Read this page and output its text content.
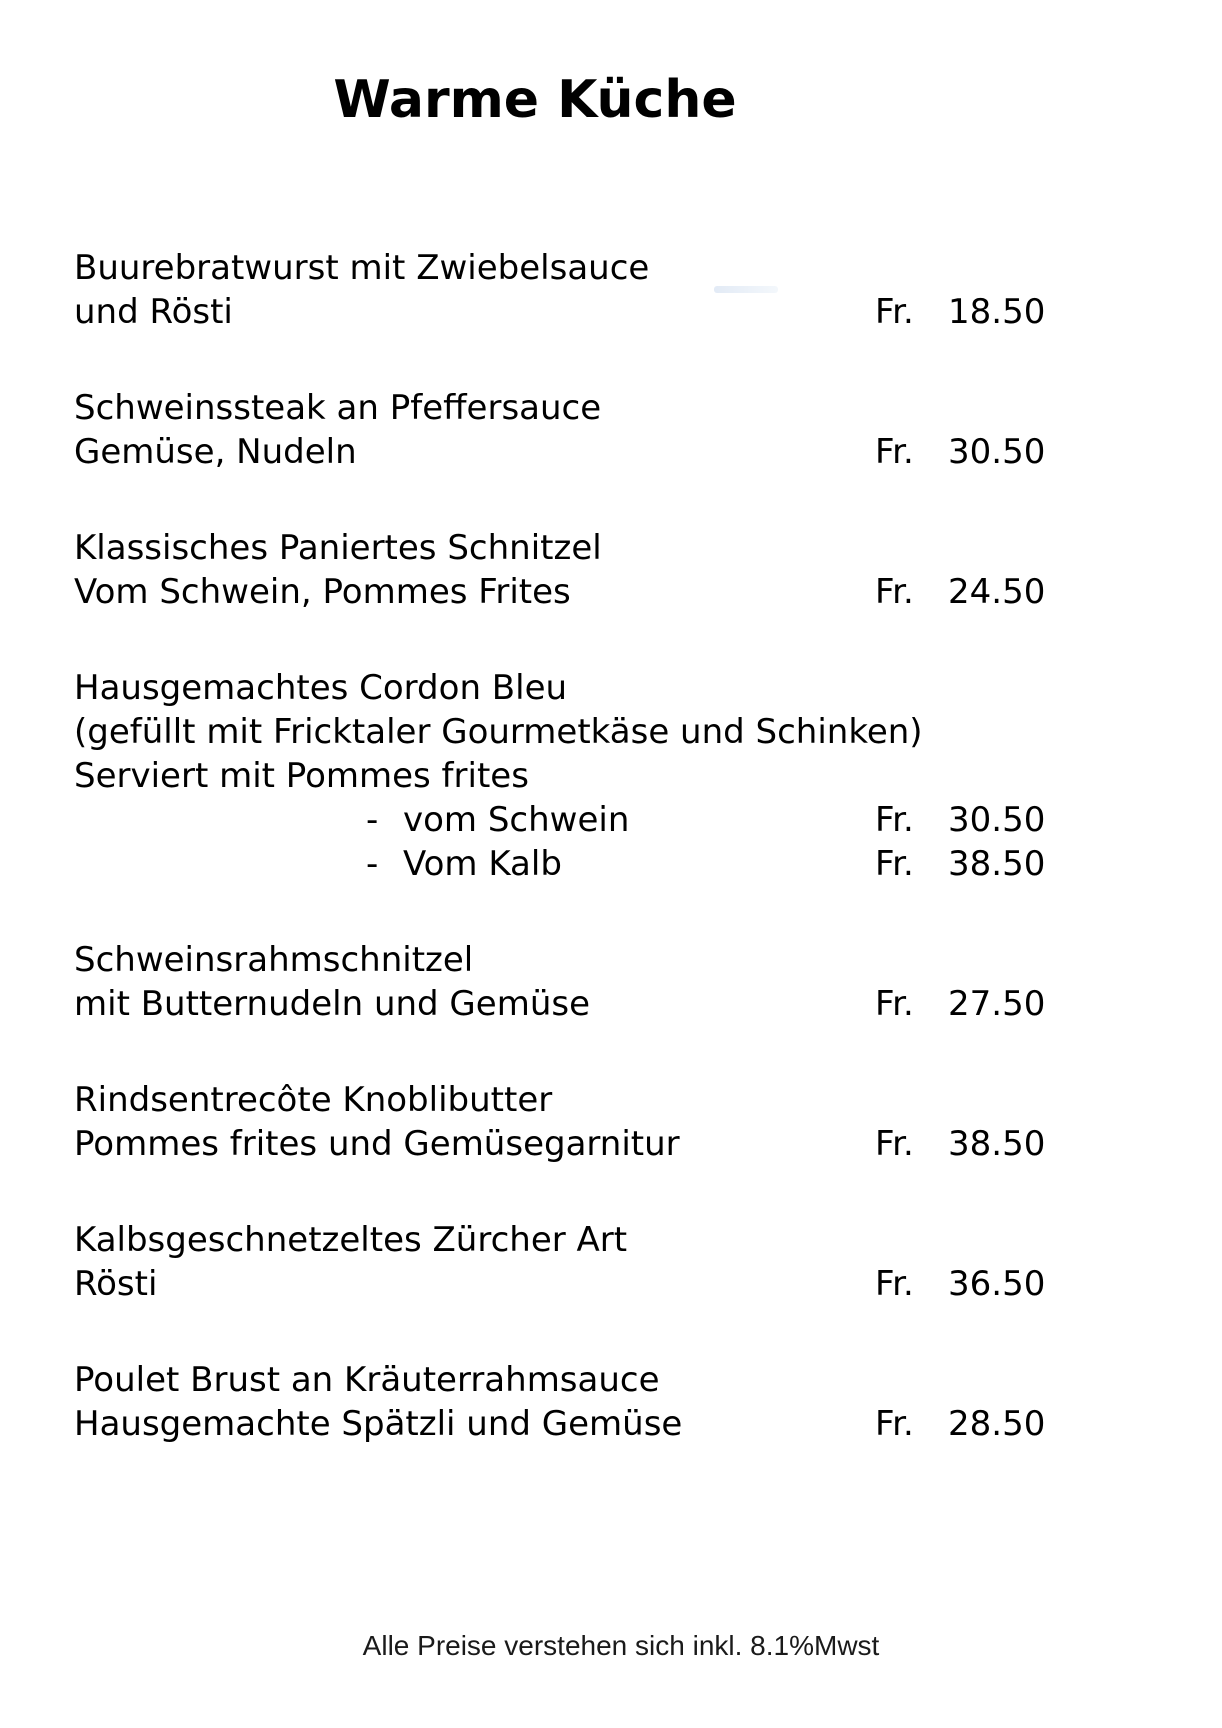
Warme Küche
Buurebratwurst mit Zwiebelsauce
und Rösti	Fr.	18.50
Schweinssteak an Pfeffersauce
Gemüse, Nudeln	Fr.	30.50
Klassisches Paniertes Schnitzel
Vom Schwein, Pommes Frites	Fr.	24.50
Hausgemachtes Cordon Bleu
(gefüllt mit Fricktaler Gourmetkäse und Schinken)
Serviert mit Pommes frites
- vom Schwein	Fr.	30.50
- Vom Kalb	Fr.	38.50
Schweinsrahmschnitzel
mit Butternudeln und Gemüse	Fr.	27.50
Rindsentrecôte Knoblibutter
Pommes frites und Gemüsegarnitur	Fr.	38.50
Kalbsgeschnetzeltes Zürcher Art
Rösti	Fr.	36.50
Poulet Brust an Kräuterrahmsauce
Hausgemachte Spätzli und Gemüse	Fr.	28.50
Alle Preise verstehen sich inkl. 8.1%Mwst
